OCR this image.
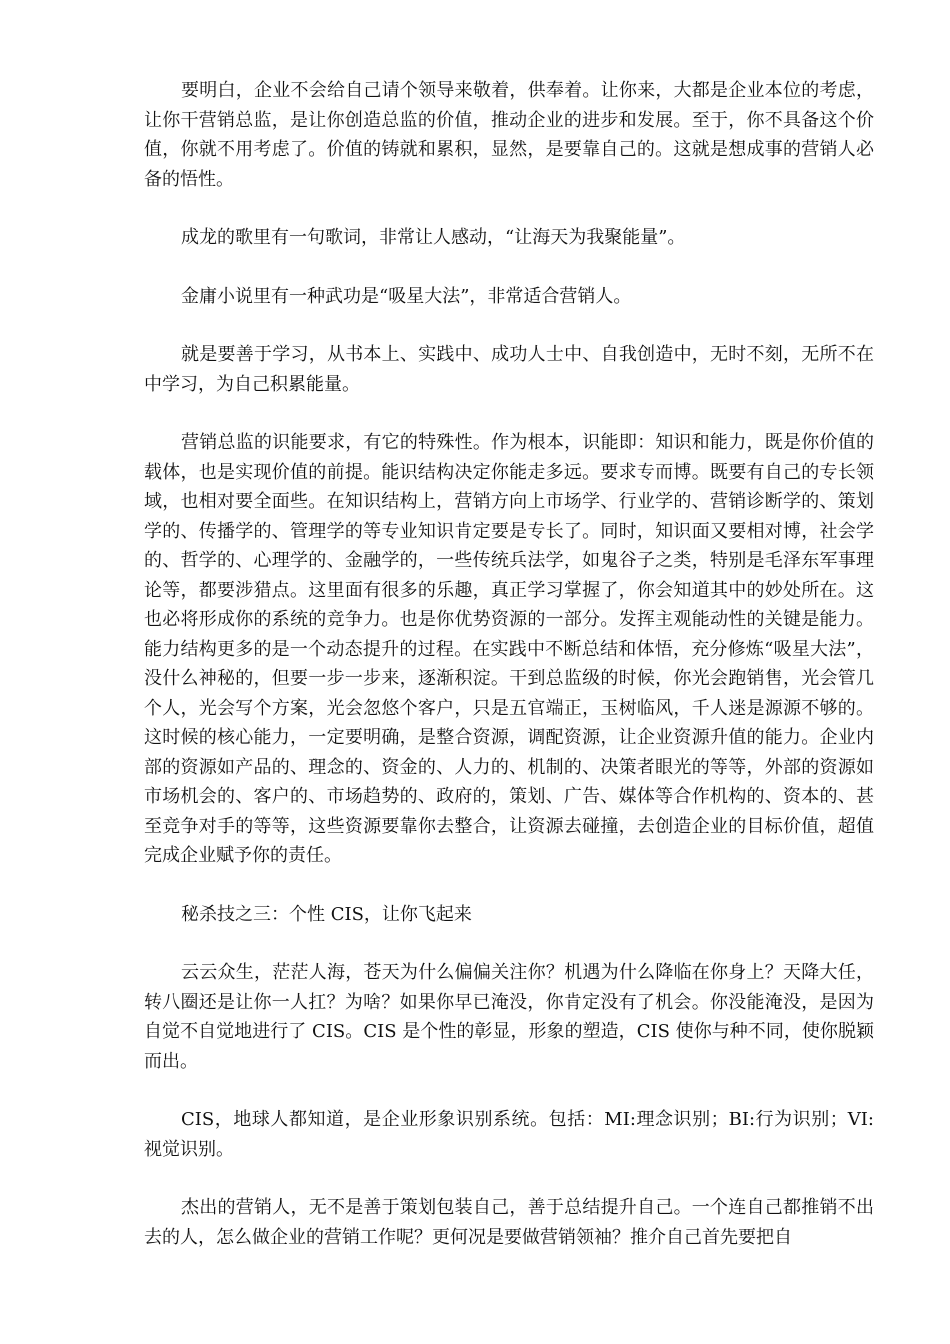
要明白，企业不会给自己请个领导来敬着，供奉着。让你来，大都是企业本位的考虑，让你干营销总监，是让你创造总监的价值，推动企业的进步和发展。至于，你不具备这个价值，你就不用考虑了。价值的铸就和累积，显然，是要靠自己的。这就是想成事的营销人必备的悟性。

成龙的歌里有一句歌词，非常让人感动，“让海天为我聚能量”。

金庸小说里有一种武功是“吸星大法”，非常适合营销人。

就是要善于学习，从书本上、实践中、成功人士中、自我创造中，无时不刻，无所不在中学习，为自己积累能量。

营销总监的识能要求，有它的特殊性。作为根本，识能即：知识和能力，既是你价值的载体，也是实现价值的前提。能识结构决定你能走多远。要求专而博。既要有自己的专长领域，也相对要全面些。在知识结构上，营销方向上市场学、行业学的、营销诊断学的、策划学的、传播学的、管理学的等专业知识肯定要是专长了。同时，知识面又要相对博，社会学的、哲学的、心理学的、金融学的，一些传统兵法学，如鬼谷子之类，特别是毛泽东军事理论等，都要涉猎点。这里面有很多的乐趣，真正学习掌握了，你会知道其中的妙处所在。这也必将形成你的系统的竞争力。也是你优势资源的一部分。发挥主观能动性的关键是能力。能力结构更多的是一个动态提升的过程。在实践中不断总结和体悟，充分修炼“吸星大法”，没什么神秘的，但要一步一步来，逐渐积淀。干到总监级的时候，你光会跑销售，光会管几个人，光会写个方案，光会忽悠个客户，只是五官端正，玉树临风，千人迷是源源不够的。这时候的核心能力，一定要明确，是整合资源，调配资源，让企业资源升值的能力。企业内部的资源如产品的、理念的、资金的、人力的、机制的、决策者眼光的等等，外部的资源如市场机会的、客户的、市场趋势的、政府的，策划、广告、媒体等合作机构的、资本的、甚至竞争对手的等等，这些资源要靠你去整合，让资源去碰撞，去创造企业的目标价值，超值完成企业赋予你的责任。

秘杀技之三：个性 CIS，让你飞起来

云云众生，茫茫人海，苍天为什么偏偏关注你？机遇为什么降临在你身上？天降大任，转八圈还是让你一人扛？为啥？如果你早已淹没，你肯定没有了机会。你没能淹没，是因为自觉不自觉地进行了 CIS。CIS 是个性的彰显，形象的塑造，CIS 使你与种不同，使你脱颖而出。

CIS，地球人都知道，是企业形象识别系统。包括：MI:理念识别；BI:行为识别；VI:视觉识别。

杰出的营销人，无不是善于策划包装自己，善于总结提升自己。一个连自己都推销不出去的人，怎么做企业的营销工作呢？更何况是要做营销领袖？推介自己首先要把自
